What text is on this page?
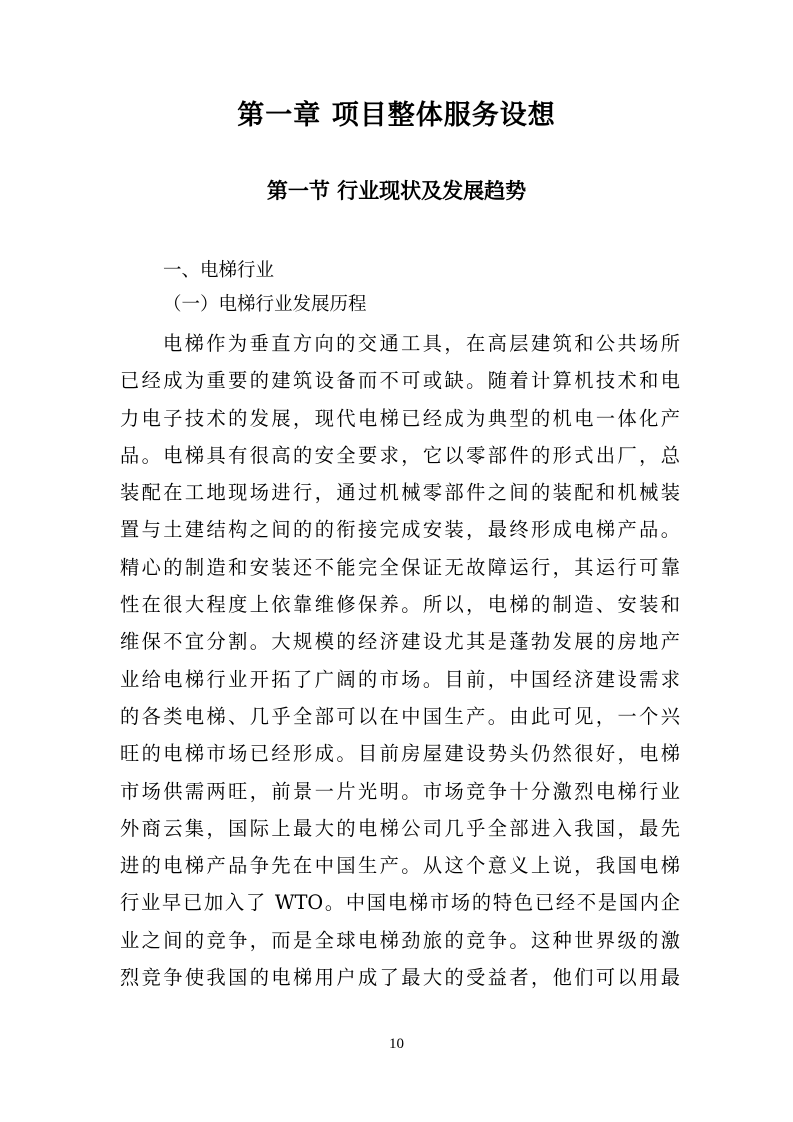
第一章 项目整体服务设想
第一节 行业现状及发展趋势
一、电梯行业
（一）电梯行业发展历程
电梯作为垂直方向的交通工具，在高层建筑和公共场所
已经成为重要的建筑设备而不可或缺。随着计算机技术和电
力电子技术的发展，现代电梯已经成为典型的机电一体化产
品。电梯具有很高的安全要求，它以零部件的形式出厂，总
装配在工地现场进行，通过机械零部件之间的装配和机械装
置与土建结构之间的的衔接完成安装，最终形成电梯产品。
精心的制造和安装还不能完全保证无故障运行，其运行可靠
性在很大程度上依靠维修保养。所以，电梯的制造、安装和
维保不宜分割。大规模的经济建设尤其是蓬勃发展的房地产
业给电梯行业开拓了广阔的市场。目前，中国经济建设需求
的各类电梯、几乎全部可以在中国生产。由此可见，一个兴
旺的电梯市场已经形成。目前房屋建设势头仍然很好，电梯
市场供需两旺，前景一片光明。市场竞争十分激烈电梯行业
外商云集，国际上最大的电梯公司几乎全部进入我国，最先
进的电梯产品争先在中国生产。从这个意义上说，我国电梯
行业早已加入了 WTO。中国电梯市场的特色已经不是国内企
业之间的竞争，而是全球电梯劲旅的竞争。这种世界级的激
烈竞争使我国的电梯用户成了最大的受益者，他们可以用最
10
